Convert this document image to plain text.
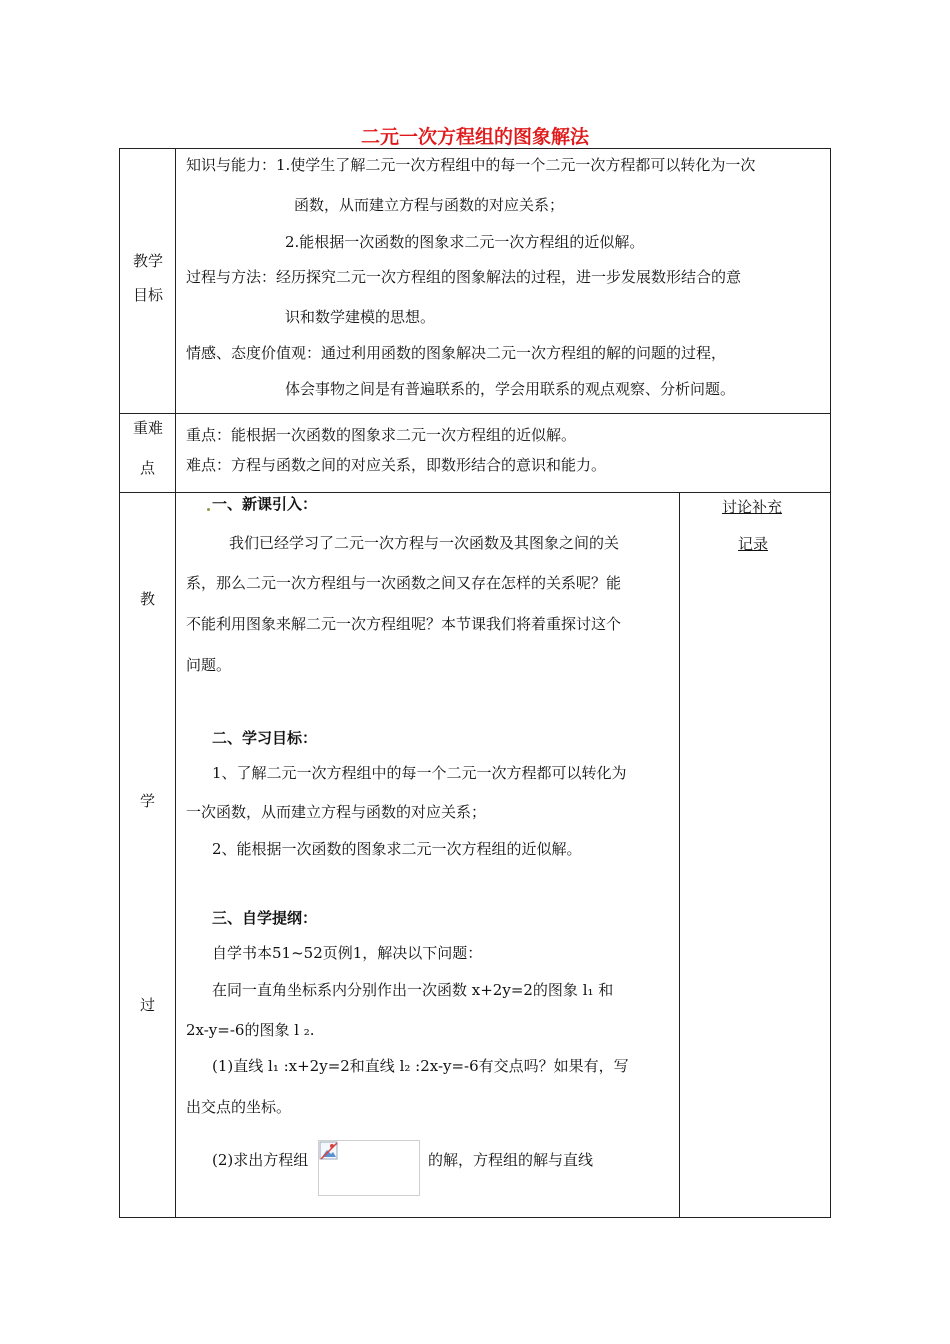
二元一次方程组的图象解法
教学
目标
知识与能力：1.使学生了解二元一次方程组中的每一个二元一次方程都可以转化为一次
函数，从而建立方程与函数的对应关系；
2.能根据一次函数的图象求二元一次方程组的近似解。
过程与方法：经历探究二元一次方程组的图象解法的过程，进一步发展数形结合的意
识和数学建模的思想。
情感、态度价值观：通过利用函数的图象解决二元一次方程组的解的问题的过程，
体会事物之间是有普遍联系的，学会用联系的观点观察、分析问题。
重难
点
重点：能根据一次函数的图象求二元一次方程组的近似解。
难点：方程与函数之间的对应关系，即数形结合的意识和能力。
教
学
过
讨论补充
记录
一、新课引入：
我们已经学习了二元一次方程与一次函数及其图象之间的关
系，那么二元一次方程组与一次函数之间又存在怎样的关系呢？能
不能利用图象来解二元一次方程组呢？本节课我们将着重探讨这个
问题。
二、学习目标：
1、了解二元一次方程组中的每一个二元一次方程都可以转化为
一次函数，从而建立方程与函数的对应关系；
2、能根据一次函数的图象求二元一次方程组的近似解。
三、自学提纲：
自学书本51~52页例1，解决以下问题：
在同一直角坐标系内分别作出一次函数 x+2y=2的图象 l₁ 和
2x-y=-6的图象 l ₂.
(1)直线 l₁ :x+2y=2和直线 l₂ :2x-y=-6有交点吗？如果有，写
出交点的坐标。
(2)求出方程组	的解，方程组的解与直线
